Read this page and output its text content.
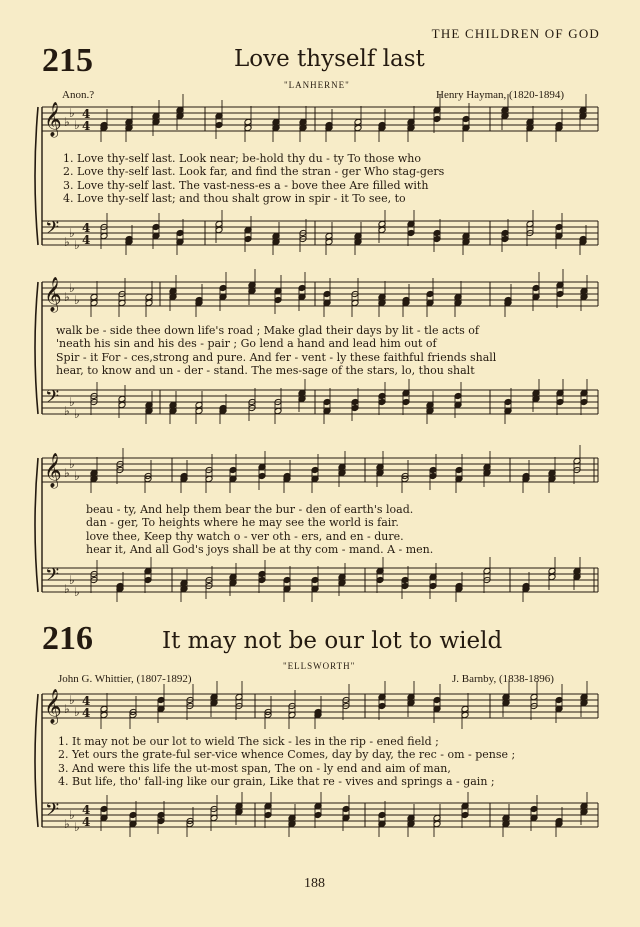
THE CHILDREN OF GOD
215	Love thyself last
"LANHERNE"
Anon.?	Henry Hayman, (1820-1894)
216	It may not be our lot to wield
"ELLSWORTH"
John G. Whittier, (1807-1892)	J. Barnby, (1838-1896)
𝄞
𝄢
♭
♭
♭
♭
♭
♭
4
4
4
4
𝄞
𝄢
♭
♭
♭
♭
♭
♭
𝄞
𝄢
♭
♭
♭
♭
♭
♭
𝄞
𝄢
♭
♭
♭
♭
♭
♭
4
4
4
4
1. Love thy-self last. Look near; be-hold thy du - ty To those who
2. Love thy-self last. Look far, and find the stran - ger Who stag-gers
3. Love thy-self last. The vast-ness-es a - bove thee Are filled with
4. Love thy-self last; and thou shalt grow in spir - it To see, to
walk be - side thee down life's road ; Make glad their days by lit - tle acts of
'neath his sin and his des - pair ; Go lend a hand and lead him out of
Spir - it For - ces,strong and pure. And fer - vent - ly these faithful friends shall
hear, to know and un - der - stand. The mes-sage of the stars, lo, thou shalt
beau - ty, And help them bear the bur - den of earth's load.
dan - ger, To heights where he may see the world is fair.
love thee, Keep thy watch o - ver oth - ers, and en - dure.
hear it, And all God's joys shall be at thy com - mand. A - men.
1. It may not be our lot to wield The sick - les in the rip - ened field ;
2. Yet ours the grate-ful ser-vice whence Comes, day by day, the rec - om - pense ;
3. And were this life the ut-most span, The on - ly end and aim of man,
4. But life, tho' fall-ing like our grain, Like that re - vives and springs a - gain ;
188
